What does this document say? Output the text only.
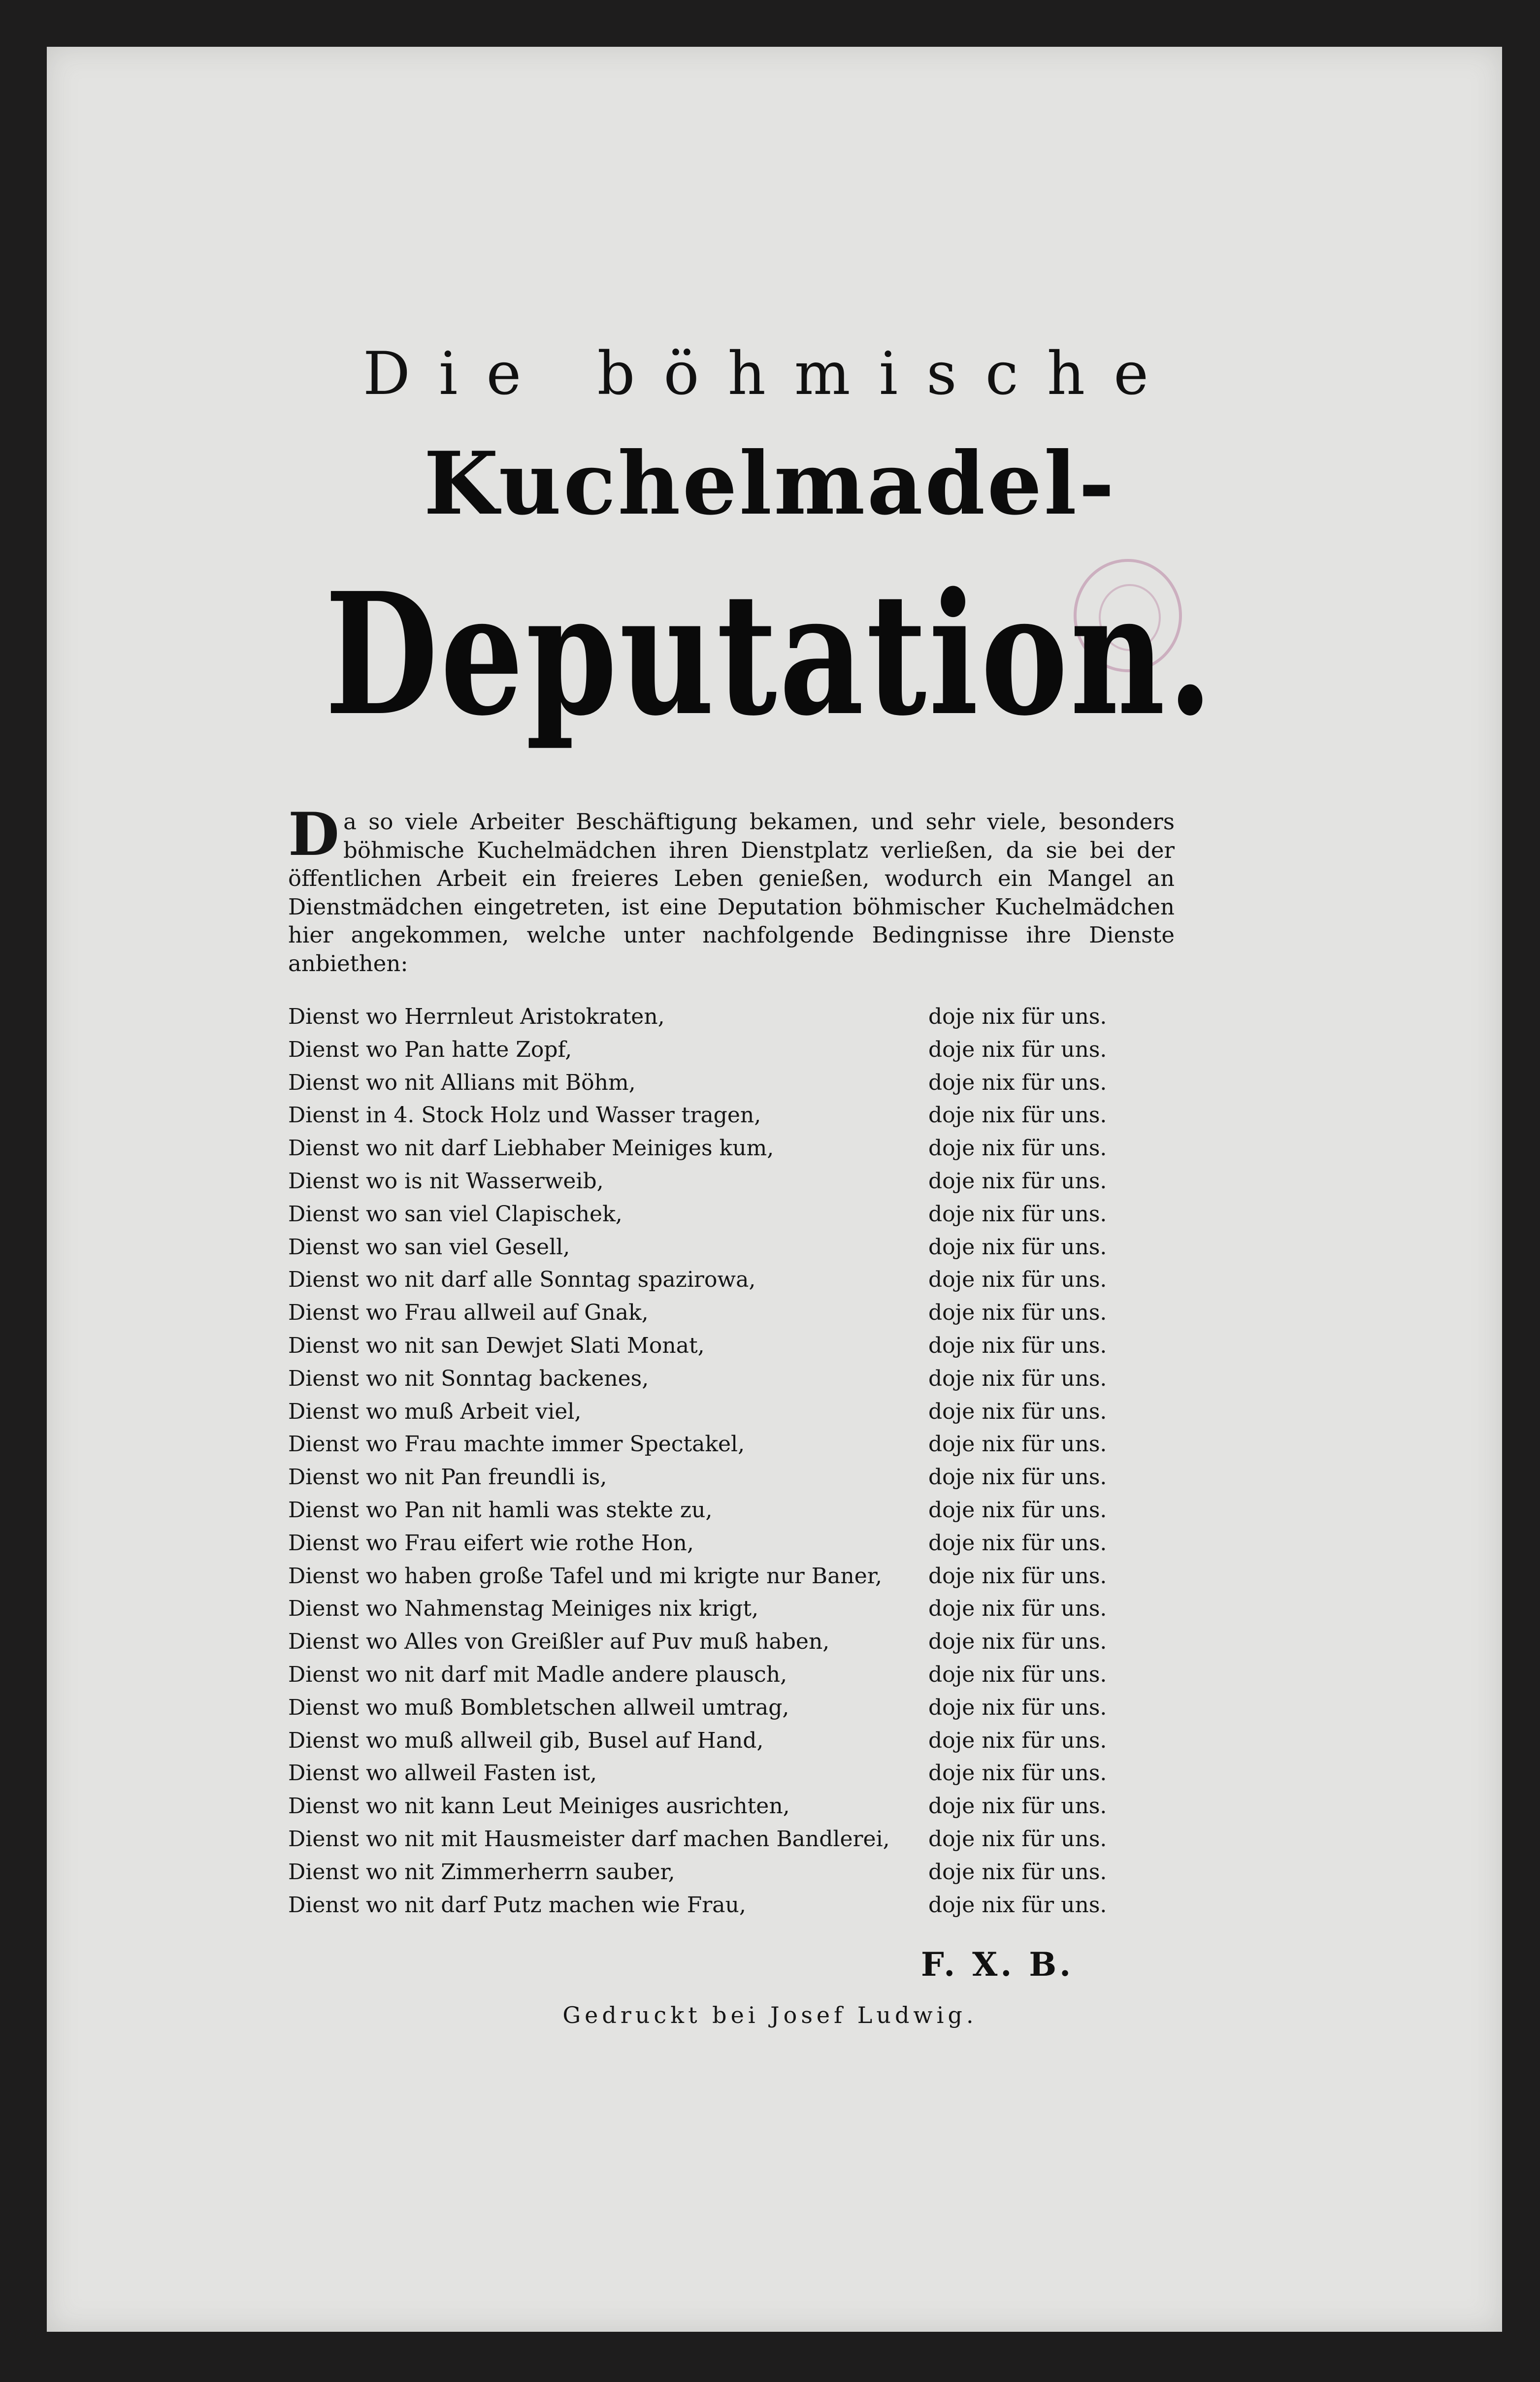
Die böhmische
Kuchelmadel-
Deputation.
Da so viele Arbeiter Beschäftigung bekamen, und sehr viele, besonders böhmische Kuchelmädchen ihren Dienstplatz verließen, da sie bei der öffentlichen Arbeit ein freieres Leben genießen, wodurch ein Mangel an Dienstmädchen eingetreten, ist eine Deputation böhmischer Kuchelmädchen hier angekommen, welche unter nachfolgende Bedingnisse ihre Dienste anbiethen:
Dienst wo Herrnleut Aristokraten,	doje nix für uns.
Dienst wo Pan hatte Zopf,	doje nix für uns.
Dienst wo nit Allians mit Böhm,	doje nix für uns.
Dienst in 4. Stock Holz und Wasser tragen,	doje nix für uns.
Dienst wo nit darf Liebhaber Meiniges kum,	doje nix für uns.
Dienst wo is nit Wasserweib,	doje nix für uns.
Dienst wo san viel Clapischek,	doje nix für uns.
Dienst wo san viel Gesell,	doje nix für uns.
Dienst wo nit darf alle Sonntag spazirowa,	doje nix für uns.
Dienst wo Frau allweil auf Gnak,	doje nix für uns.
Dienst wo nit san Dewjet Slati Monat,	doje nix für uns.
Dienst wo nit Sonntag backenes,	doje nix für uns.
Dienst wo muß Arbeit viel,	doje nix für uns.
Dienst wo Frau machte immer Spectakel,	doje nix für uns.
Dienst wo nit Pan freundli is,	doje nix für uns.
Dienst wo Pan nit hamli was stekte zu,	doje nix für uns.
Dienst wo Frau eifert wie rothe Hon,	doje nix für uns.
Dienst wo haben große Tafel und mi krigte nur Baner, doje nix für uns.
Dienst wo Nahmenstag Meiniges nix krigt,	doje nix für uns.
Dienst wo Alles von Greißler auf Puv muß haben,	doje nix für uns.
Dienst wo nit darf mit Madle andere plausch,	doje nix für uns.
Dienst wo muß Bombletschen allweil umtrag,	doje nix für uns.
Dienst wo muß allweil gib, Busel auf Hand,	doje nix für uns.
Dienst wo allweil Fasten ist,	doje nix für uns.
Dienst wo nit kann Leut Meiniges ausrichten,	doje nix für uns.
Dienst wo nit mit Hausmeister darf machen Bandlerei, doje nix für uns.
Dienst wo nit Zimmerherrn sauber,	doje nix für uns.
Dienst wo nit darf Putz machen wie Frau,	doje nix für uns.
F. X. B.
Gedruckt bei Josef Ludwig.
